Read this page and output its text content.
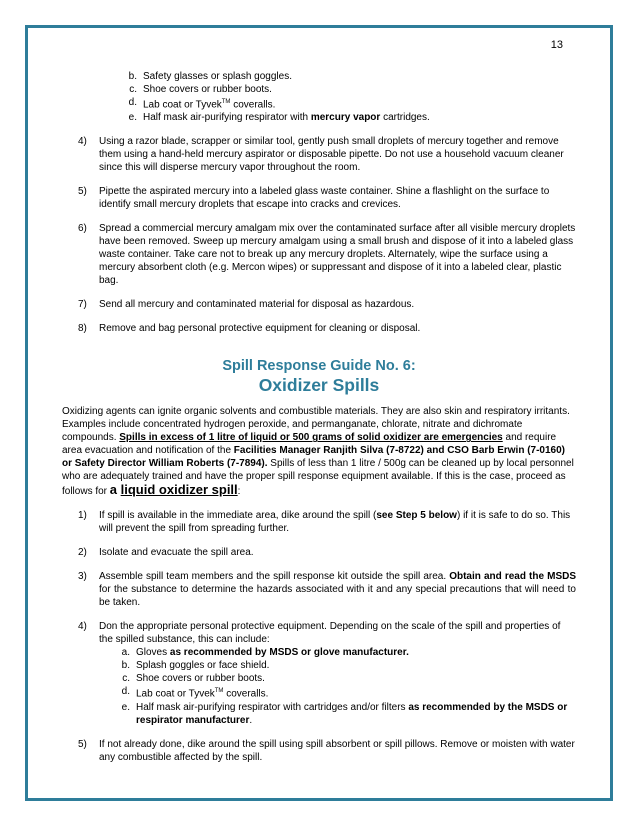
13
b. Safety glasses or splash goggles.
c. Shoe covers or rubber boots.
d. Lab coat or Tyvek™ coveralls.
e. Half mask air-purifying respirator with mercury vapor cartridges.
4)	Using a razor blade, scrapper or similar tool, gently push small droplets of mercury together and remove them using a hand-held mercury aspirator or disposable pipette. Do not use a household vacuum cleaner since this will disperse mercury vapor throughout the room.
5)	Pipette the aspirated mercury into a labeled glass waste container. Shine a flashlight on the surface to identify small mercury droplets that escape into cracks and crevices.
6)	Spread a commercial mercury amalgam mix over the contaminated surface after all visible mercury droplets have been removed. Sweep up mercury amalgam using a small brush and dispose of it into a labeled glass waste container. Take care not to break up any mercury droplets. Alternately, wipe the surface using a mercury absorbent cloth (e.g. Mercon wipes) or suppressant and dispose of it into a labeled clear, plastic bag.
7)	Send all mercury and contaminated material for disposal as hazardous.
8)	Remove and bag personal protective equipment for cleaning or disposal.
Spill Response Guide No. 6:
Oxidizer Spills
Oxidizing agents can ignite organic solvents and combustible materials. They are also skin and respiratory irritants. Examples include concentrated hydrogen peroxide, and permanganate, chlorate, nitrate and dichromate compounds. Spills in excess of 1 litre of liquid or 500 grams of solid oxidizer are emergencies and require area evacuation and notification of the Facilities Manager Ranjith Silva (7-8722) and CSO Barb Erwin (7-0160) or Safety Director William Roberts (7-7894). Spills of less than 1 litre / 500g can be cleaned up by local personnel who are adequately trained and have the proper spill response equipment available. If this is the case, proceed as follows for a liquid oxidizer spill:
1)	If spill is available in the immediate area, dike around the spill (see Step 5 below) if it is safe to do so. This will prevent the spill from spreading further.
2)	Isolate and evacuate the spill area.
3)	Assemble spill team members and the spill response kit outside the spill area. Obtain and read the MSDS for the substance to determine the hazards associated with it and any special precautions that will need to be taken.
4)	Don the appropriate personal protective equipment. Depending on the scale of the spill and properties of the spilled substance, this can include:
a. Gloves as recommended by MSDS or glove manufacturer.
b. Splash goggles or face shield.
c. Shoe covers or rubber boots.
d. Lab coat or Tyvek™ coveralls.
e. Half mask air-purifying respirator with cartridges and/or filters as recommended by the MSDS or respirator manufacturer.
5)	If not already done, dike around the spill using spill absorbent or spill pillows. Remove or moisten with water any combustible affected by the spill.
